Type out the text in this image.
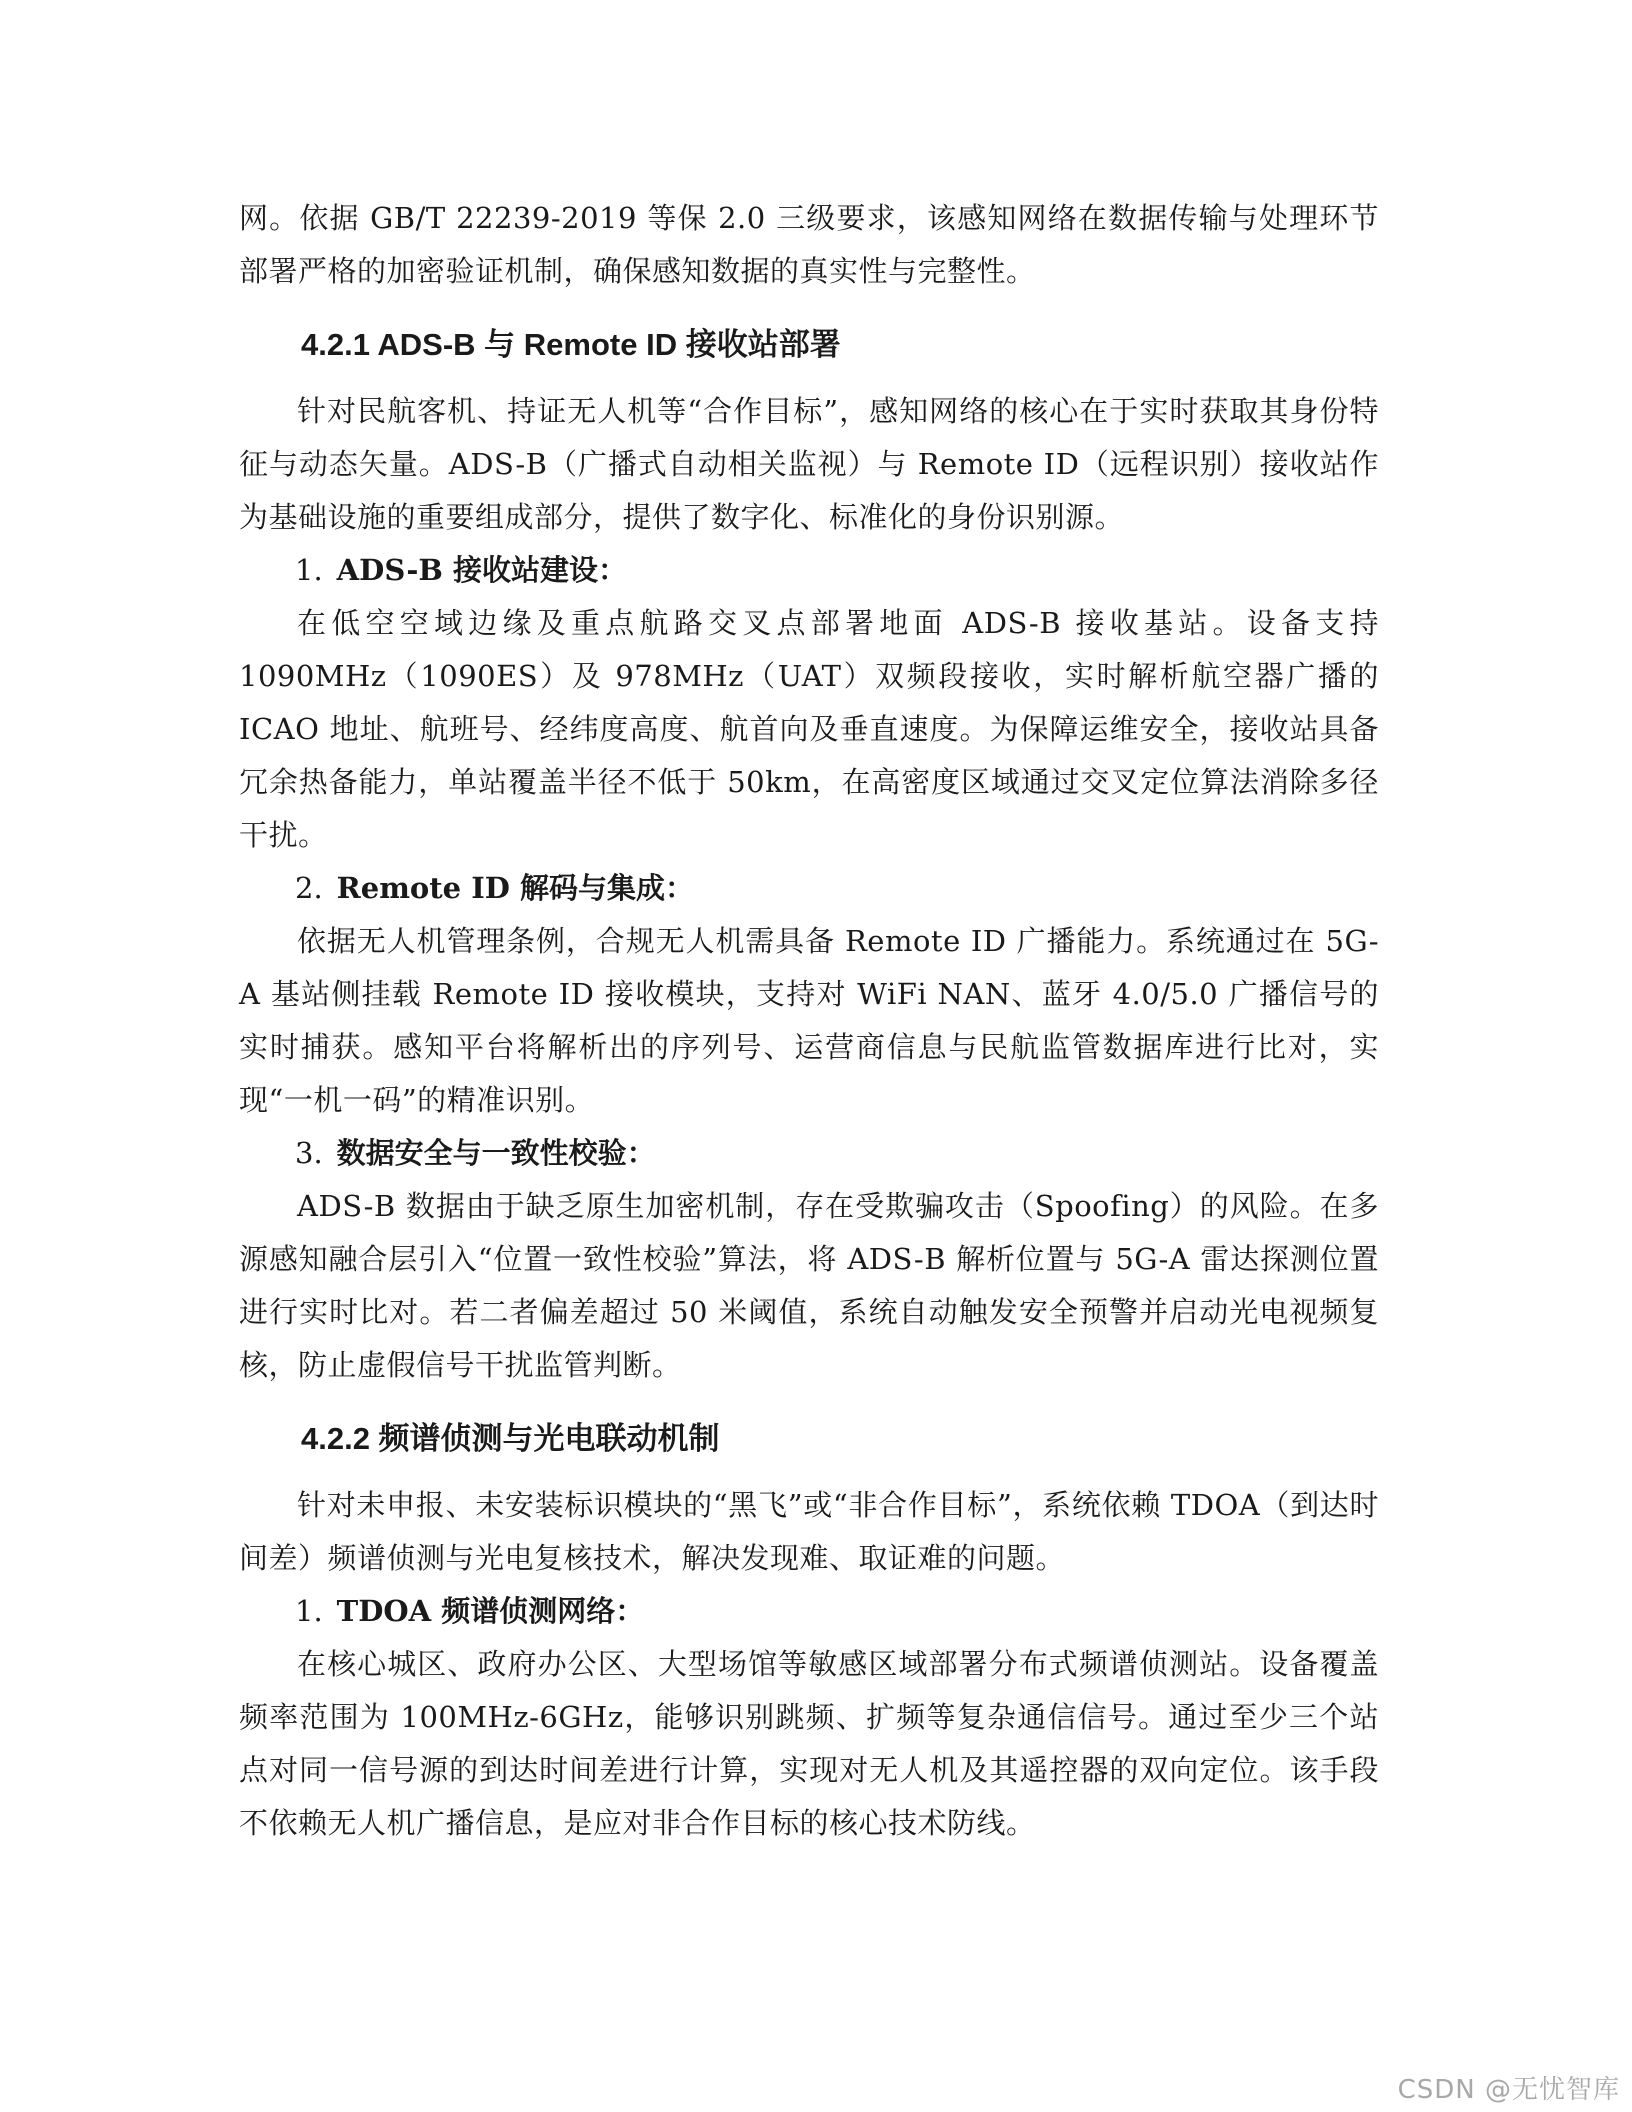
网。依据 GB/T 22239-2019 等保 2.0 三级要求，该感知网络在数据传输与处理环节部署严格的加密验证机制，确保感知数据的真实性与完整性。

4.2.1 ADS-B 与 Remote ID 接收站部署

针对民航客机、持证无人机等“合作目标”，感知网络的核心在于实时获取其身份特征与动态矢量。ADS-B（广播式自动相关监视）与 Remote ID（远程识别）接收站作为基础设施的重要组成部分，提供了数字化、标准化的身份识别源。

1. ADS-B 接收站建设：

在低空空域边缘及重点航路交叉点部署地面 ADS-B 接收基站。设备支持 1090MHz（1090ES）及 978MHz（UAT）双频段接收，实时解析航空器广播的 ICAO 地址、航班号、经纬度高度、航首向及垂直速度。为保障运维安全，接收站具备冗余热备能力，单站覆盖半径不低于 50km，在高密度区域通过交叉定位算法消除多径干扰。

2. Remote ID 解码与集成：

依据无人机管理条例，合规无人机需具备 Remote ID 广播能力。系统通过在 5G-A 基站侧挂载 Remote ID 接收模块，支持对 WiFi NAN、蓝牙 4.0/5.0 广播信号的实时捕获。感知平台将解析出的序列号、运营商信息与民航监管数据库进行比对，实现“一机一码”的精准识别。

3. 数据安全与一致性校验：

ADS-B 数据由于缺乏原生加密机制，存在受欺骗攻击（Spoofing）的风险。在多源感知融合层引入“位置一致性校验”算法，将 ADS-B 解析位置与 5G-A 雷达探测位置进行实时比对。若二者偏差超过 50 米阈值，系统自动触发安全预警并启动光电视频复核，防止虚假信号干扰监管判断。

4.2.2 频谱侦测与光电联动机制

针对未申报、未安装标识模块的“黑飞”或“非合作目标”，系统依赖 TDOA（到达时间差）频谱侦测与光电复核技术，解决发现难、取证难的问题。

1. TDOA 频谱侦测网络：

在核心城区、政府办公区、大型场馆等敏感区域部署分布式频谱侦测站。设备覆盖频率范围为 100MHz-6GHz，能够识别跳频、扩频等复杂通信信号。通过至少三个站点对同一信号源的到达时间差进行计算，实现对无人机及其遥控器的双向定位。该手段不依赖无人机广播信息，是应对非合作目标的核心技术防线。

CSDN @无忧智库
